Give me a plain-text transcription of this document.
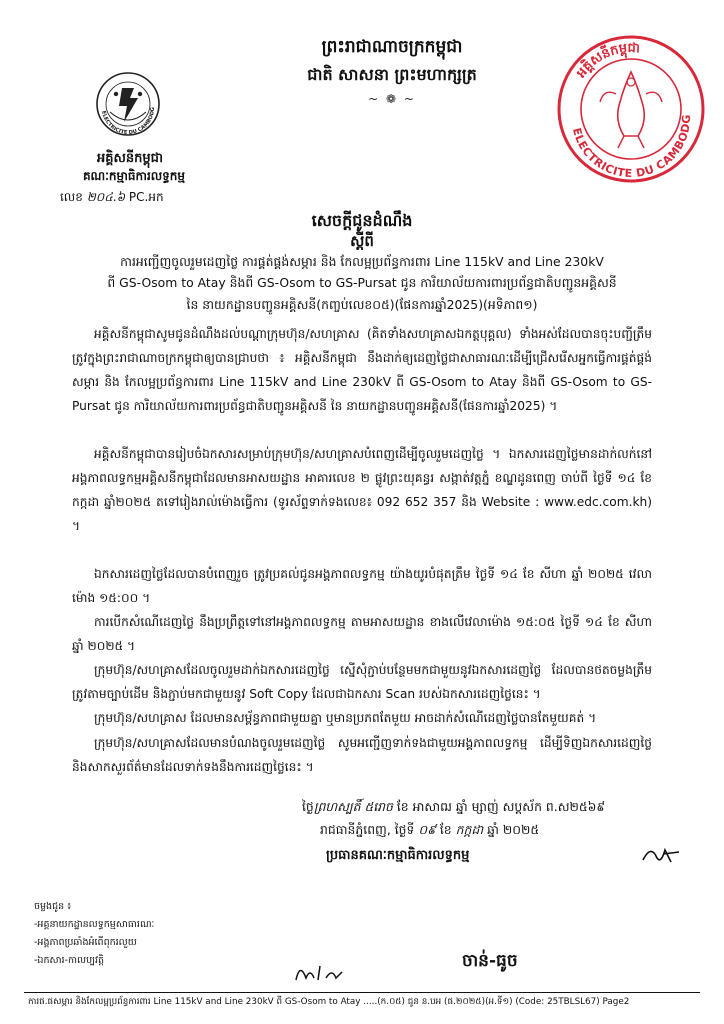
ព្រះរាជាណាចក្រកម្ពុជា
ជាតិ សាសនា ព្រះមហាក្សត្រ
~ ❁ ~
ELECTRICITE DU CAMBODG
អគ្គិសនីកម្ពុជា
គណៈកម្មាធិការលទ្ធកម្ម
លេខ ២០៤.៦ PC.អក
អគ្គិសនីកម្ពុជា
ELECTRICITE DU CAMBODG
សេចក្ដីជូនដំណឹង
ស្ដីពី
ការអញ្ជើញចូលរួមដេញថ្លៃ ការផ្គត់ផ្គង់សម្ភារ និង កែលម្អប្រព័ន្ធការពារ Line 115kV and Line 230kV
ពី GS-Osom to Atay និងពី GS-Osom to GS-Pursat ជូន ការិយាល័យការពារប្រព័ន្ធជាតិបញ្ជូនអគ្គិសនី
នៃ នាយកដ្ឋានបញ្ជូនអគ្គិសនី(កញ្ចប់លេខ០៥)(ផែនការឆ្នាំ2025)(អទិភាព១)

អគ្គិសនីកម្ពុជាសូមជូនដំណឹងដល់បណ្ដាក្រុមហ៊ុន/សហគ្រាស (គិតទាំងសហគ្រាសឯកត្តបុគ្គល) ទាំងអស់ដែលបានចុះបញ្ជីត្រឹមត្រូវក្នុងព្រះរាជាណាចក្រកម្ពុជាឲ្យបានជ្រាបថា ៖ អគ្គិសនីកម្ពុជា នឹងដាក់ឲ្យដេញថ្លៃជាសាធារណៈដើម្បីជ្រើសរើសអ្នកធ្វើការផ្គត់ផ្គង់សម្ភារ និង កែលម្អប្រព័ន្ធការពារ Line 115kV and Line 230kV ពី GS-Osom to Atay និងពី GS-Osom to GS-Pursat ជូន ការិយាល័យការពារប្រព័ន្ធជាតិបញ្ជូនអគ្គិសនី នៃ នាយកដ្ឋានបញ្ជូនអគ្គិសនី(ផែនការឆ្នាំ2025) ។

អគ្គិសនីកម្ពុជាបានរៀបចំឯកសារសម្រាប់ក្រុមហ៊ុន/សហគ្រាសបំពេញដើម្បីចូលរួមដេញថ្លៃ ។ ឯកសារដេញថ្លៃមានដាក់លក់នៅអង្គភាពលទ្ធកម្មអគ្គិសនីកម្ពុជាដែលមានអាសយដ្ឋាន អាគារលេខ ២ ផ្លូវព្រះយុគន្ធរ សង្កាត់វត្តភ្នំ ខណ្ឌដូនពេញ ចាប់ពី ថ្ងៃទី ១៤ ខែ កក្កដា ឆ្នាំ២០២៥ តទៅរៀងរាល់ម៉ោងធ្វើការ (ទូរស័ព្ទទាក់ទងលេខ៖ 092 652 357 និង Website : www.edc.com.kh) ។

ឯកសារដេញថ្លៃដែលបានបំពេញរួច ត្រូវប្រគល់ជូនអង្គភាពលទ្ធកម្ម យ៉ាងយូរបំផុតត្រឹម ថ្ងៃទី ១៤ ខែ សីហា ឆ្នាំ ២០២៥ វេលាម៉ោង ១៥:០០ ។

ការបើកសំណើដេញថ្លៃ នឹងប្រព្រឹត្តទៅនៅអង្គភាពលទ្ធកម្ម តាមអាសយដ្ឋាន ខាងលើវេលាម៉ោង ១៥:០៥ ថ្ងៃទី ១៤ ខែ សីហា ឆ្នាំ ២០២៥ ។

ក្រុមហ៊ុន/សហគ្រាសដែលចូលរួមដាក់ឯកសារដេញថ្លៃ ស្នើសុំភ្ជាប់បន្ថែមមកជាមួយនូវឯកសារដេញថ្លៃ ដែលបានថតចម្លងត្រឹមត្រូវតាមច្បាប់ដើម និងភ្ជាប់មកជាមួយនូវ Soft Copy ដែលជាឯកសារ Scan របស់ឯកសារដេញថ្លៃនេះ ។

ក្រុមហ៊ុន/សហគ្រាស ដែលមានសម្ព័ន្ធភាពជាមួយគ្នា ឬមានប្រភពតែមួយ អាចដាក់សំណើដេញថ្លៃបានតែមួយគត់ ។

ក្រុមហ៊ុន/សហគ្រាសដែលមានបំណងចូលរួមដេញថ្លៃ សូមអញ្ជើញទាក់ទងជាមួយអង្គភាពលទ្ធកម្ម ដើម្បីទិញឯកសារដេញថ្លៃ និងសាកសួរព័ត៌មានដែលទាក់ទងនឹងការដេញថ្លៃនេះ ។

ថ្ងៃព្រហស្បតិ៍ ៥រោច ខែ អាសាឍ ឆ្នាំ ម្សាញ់ សប្តស័ក ព.ស២៥៦៩
រាជធានីភ្នំពេញ, ថ្ងៃទី ០៩ ខែ កក្កដា ឆ្នាំ ២០២៥
ប្រធានគណៈកម្មាធិការលទ្ធកម្ម
ចម្លងជូន ៖
-អគ្គនាយកដ្ឋានលទ្ធកម្មសាធារណៈ
-អង្គភាពប្រឆាំងអំពើពុករលួយ
-ឯកសារ-កាលប្បវត្តិ	ចាន់-ធូច
ការផ.ផសម្ភារ និងកែលម្អប្រព័ន្ធការពារ Line 115kV and Line 230kV ពី GS-Osom to Atay .....(ក.០៥) ជូន ន.បអ (ផ.២០២៥)(អ.ទី១) (Code: 25TBLSL67) Page2
